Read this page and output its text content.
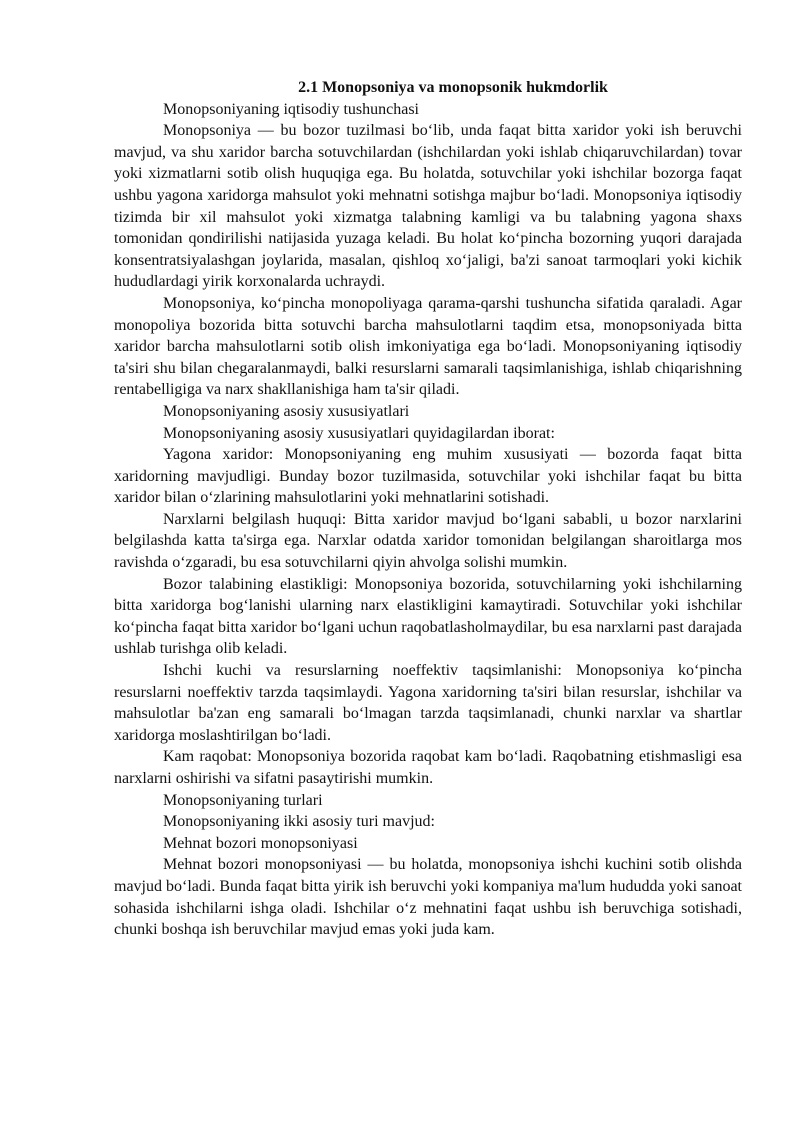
2.1 Monopsoniya va monopsonik hukmdorlik

Monopsoniyaning iqtisodiy tushunchasi

Monopsoniya — bu bozor tuzilmasi bo‘lib, unda faqat bitta xaridor yoki ish beruvchi mavjud, va shu xaridor barcha sotuvchilardan (ishchilardan yoki ishlab chiqaruvchilardan) tovar yoki xizmatlarni sotib olish huquqiga ega. Bu holatda, sotuvchilar yoki ishchilar bozorga faqat ushbu yagona xaridorga mahsulot yoki mehnatni sotishga majbur bo‘ladi. Monopsoniya iqtisodiy tizimda bir xil mahsulot yoki xizmatga talabning kamligi va bu talabning yagona shaxs tomonidan qondirilishi natijasida yuzaga keladi. Bu holat ko‘pincha bozorning yuqori darajada konsentratsiyalashgan joylarida, masalan, qishloq xo‘jaligi, ba'zi sanoat tarmoqlari yoki kichik hududlardagi yirik korxonalarda uchraydi.

Monopsoniya, ko‘pincha monopoliyaga qarama-qarshi tushuncha sifatida qaraladi. Agar monopoliya bozorida bitta sotuvchi barcha mahsulotlarni taqdim etsa, monopsoniyada bitta xaridor barcha mahsulotlarni sotib olish imkoniyatiga ega bo‘ladi. Monopsoniyaning iqtisodiy ta'siri shu bilan chegaralanmaydi, balki resurslarni samarali taqsimlanishiga, ishlab chiqarishning rentabelligiga va narx shakllanishiga ham ta'sir qiladi.

Monopsoniyaning asosiy xususiyatlari

Monopsoniyaning asosiy xususiyatlari quyidagilardan iborat:

Yagona xaridor: Monopsoniyaning eng muhim xususiyati — bozorda faqat bitta xaridorning mavjudligi. Bunday bozor tuzilmasida, sotuvchilar yoki ishchilar faqat bu bitta xaridor bilan o‘zlarining mahsulotlarini yoki mehnatlarini sotishadi.

Narxlarni belgilash huquqi: Bitta xaridor mavjud bo‘lgani sababli, u bozor narxlarini belgilashda katta ta'sirga ega. Narxlar odatda xaridor tomonidan belgilangan sharoitlarga mos ravishda o‘zgaradi, bu esa sotuvchilarni qiyin ahvolga solishi mumkin.

Bozor talabining elastikligi: Monopsoniya bozorida, sotuvchilarning yoki ishchilarning bitta xaridorga bog‘lanishi ularning narx elastikligini kamaytiradi. Sotuvchilar yoki ishchilar ko‘pincha faqat bitta xaridor bo‘lgani uchun raqobatlasholmaydilar, bu esa narxlarni past darajada ushlab turishga olib keladi.

Ishchi kuchi va resurslarning noeffektiv taqsimlanishi: Monopsoniya ko‘pincha resurslarni noeffektiv tarzda taqsimlaydi. Yagona xaridorning ta'siri bilan resurslar, ishchilar va mahsulotlar ba'zan eng samarali bo‘lmagan tarzda taqsimlanadi, chunki narxlar va shartlar xaridorga moslashtirilgan bo‘ladi.

Kam raqobat: Monopsoniya bozorida raqobat kam bo‘ladi. Raqobatning etishmasligi esa narxlarni oshirishi va sifatni pasaytirishi mumkin.

Monopsoniyaning turlari

Monopsoniyaning ikki asosiy turi mavjud:

Mehnat bozori monopsoniyasi

Mehnat bozori monopsoniyasi — bu holatda, monopsoniya ishchi kuchini sotib olishda mavjud bo‘ladi. Bunda faqat bitta yirik ish beruvchi yoki kompaniya ma'lum hududda yoki sanoat sohasida ishchilarni ishga oladi. Ishchilar o‘z mehnatini faqat ushbu ish beruvchiga sotishadi, chunki boshqa ish beruvchilar mavjud emas yoki juda kam.
